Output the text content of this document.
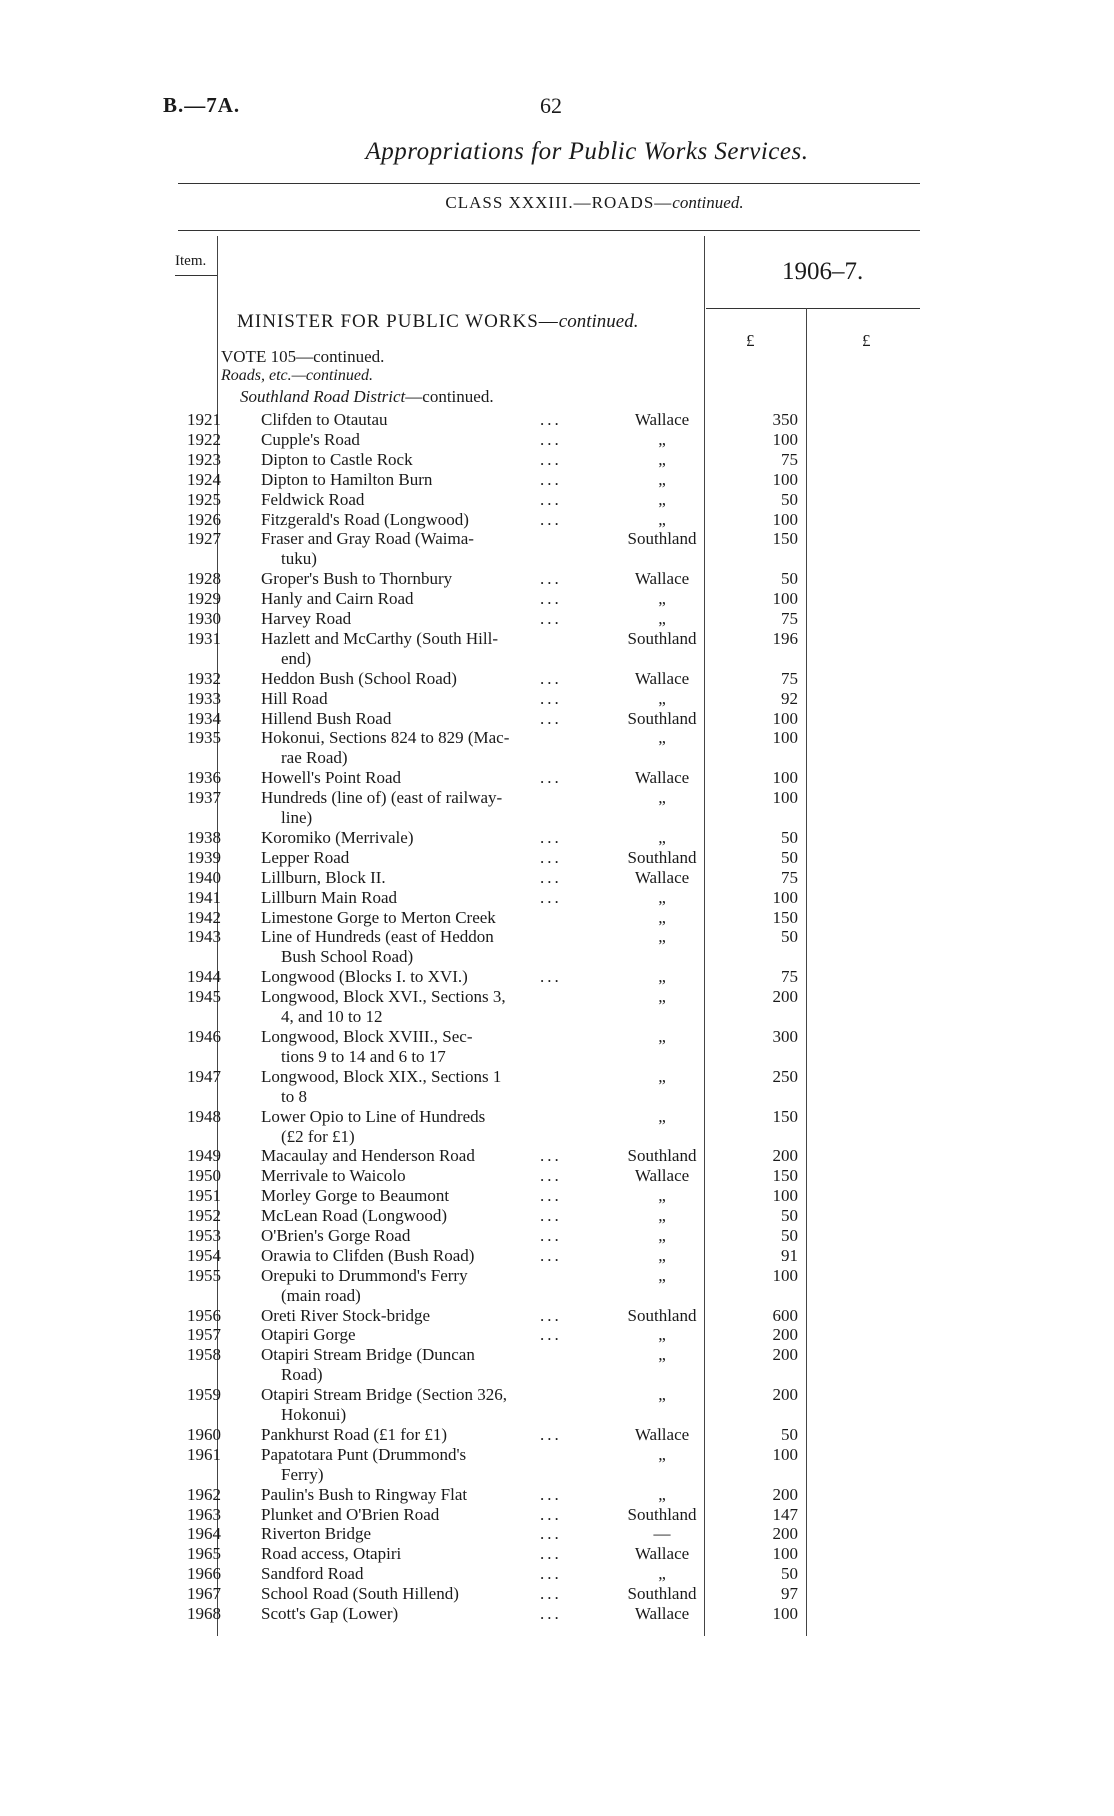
B.—7A.	62
Appropriations for Public Works Services.
CLASS XXXIII.—ROADS—continued.
Item.	1906–7.
MINISTER FOR PUBLIC WORKS—continued.
£	£
VOTE 105—continued.
Roads, etc.—continued.
Southland Road District—continued.
1921 Clifden to Otautau	...	Wallace	350
1922 Cupple's Road	...	„	100
1923 Dipton to Castle Rock	...	„	75
1924 Dipton to Hamilton Burn	...	„	100
1925 Feldwick Road	...	„	50
1926 Fitzgerald's Road (Longwood)	...	„	100
1927 Fraser and Gray Road (Waima-
tuku)
Southland	150
1928 Groper's Bush to Thornbury	...	Wallace	50
1929 Hanly and Cairn Road	...	„	100
1930 Harvey Road	...	„	75
1931 Hazlett and McCarthy (South Hill-
end)
Southland	196
1932 Heddon Bush (School Road)	...	Wallace	75
1933 Hill Road	...	„	92
1934 Hillend Bush Road	...	Southland	100
1935 Hokonui, Sections 824 to 829 (Mac-
rae Road)
„	100
1936 Howell's Point Road	...	Wallace	100
1937 Hundreds (line of) (east of railway-
line)
„	100
1938 Koromiko (Merrivale)	...	„	50
1939 Lepper Road	...	Southland	50
1940 Lillburn, Block II.	...	Wallace	75
1941 Lillburn Main Road	...	„	100
1942 Limestone Gorge to Merton Creek	„	150
1943 Line of Hundreds (east of Heddon
Bush School Road)
„	50
1944 Longwood (Blocks I. to XVI.)	...	„	75
1945 Longwood, Block XVI., Sections 3,
4, and 10 to 12
„	200
1946 Longwood, Block XVIII., Sec-
tions 9 to 14 and 6 to 17
„	300
1947 Longwood, Block XIX., Sections 1
to 8
„	250
1948 Lower Opio to Line of Hundreds
(£2 for £1)
„	150
1949 Macaulay and Henderson Road	...	Southland	200
1950 Merrivale to Waicolo	...	Wallace	150
1951 Morley Gorge to Beaumont	...	„	100
1952 McLean Road (Longwood)	...	„	50
1953 O'Brien's Gorge Road	...	„	50
1954 Orawia to Clifden (Bush Road)	...	„	91
1955 Orepuki to Drummond's Ferry
(main road)
„	100
1956 Oreti River Stock-bridge	...	Southland	600
1957 Otapiri Gorge	...	„	200
1958 Otapiri Stream Bridge (Duncan
Road)
„	200
1959 Otapiri Stream Bridge (Section 326,
Hokonui)
„	200
1960 Pankhurst Road (£1 for £1)	...	Wallace	50
1961 Papatotara Punt (Drummond's
Ferry)
„	100
1962 Paulin's Bush to Ringway Flat	...	„	200
1963 Plunket and O'Brien Road	...	Southland	147
1964 Riverton Bridge	...	—	200
1965 Road access, Otapiri	...	Wallace	100
1966 Sandford Road	...	„	50
1967 School Road (South Hillend)	...	Southland	97
1968 Scott's Gap (Lower)	...	Wallace	100
